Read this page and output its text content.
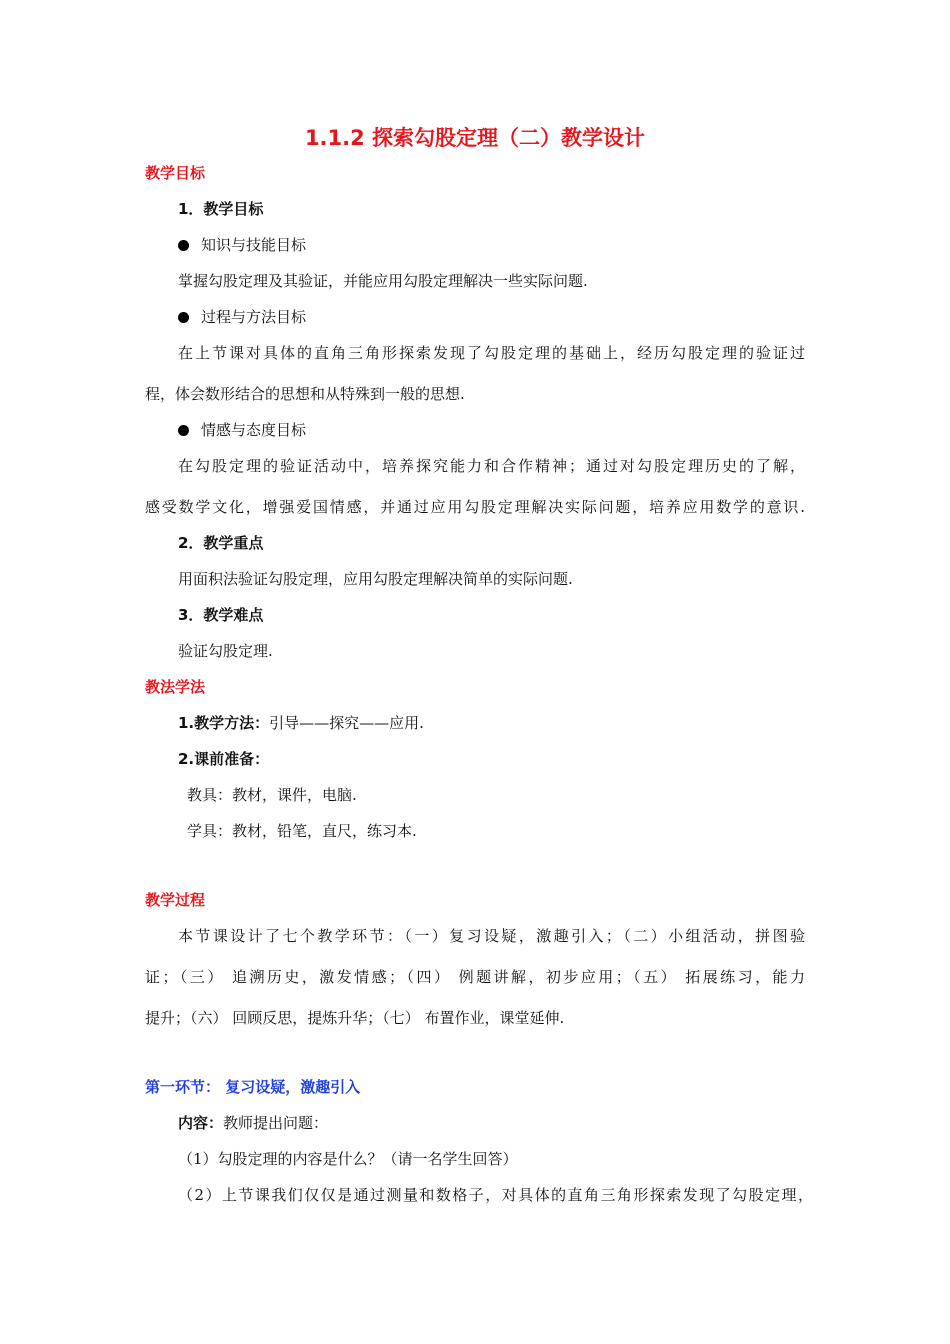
1.1.2 探索勾股定理（二）教学设计
教学目标
1．教学目标
知识与技能目标
掌握勾股定理及其验证，并能应用勾股定理解决一些实际问题.
过程与方法目标
在上节课对具体的直角三角形探索发现了勾股定理的基础上，经历勾股定理的验证过
程，体会数形结合的思想和从特殊到一般的思想.
情感与态度目标
在勾股定理的验证活动中，培养探究能力和合作精神；通过对勾股定理历史的了解，
感受数学文化，增强爱国情感，并通过应用勾股定理解决实际问题，培养应用数学的意识.
2．教学重点
用面积法验证勾股定理，应用勾股定理解决简单的实际问题.
3．教学难点
验证勾股定理.
教法学法
1.教学方法：引导——探究——应用.
2.课前准备：
教具：教材，课件，电脑.
学具：教材，铅笔，直尺，练习本.
教学过程
本节课设计了七个教学环节：（一）复习设疑，激趣引入；（二）小组活动，拼图验
证；（三） 追溯历史，激发情感；（四） 例题讲解，初步应用；（五） 拓展练习，能力
提升；（六） 回顾反思，提炼升华；（七） 布置作业，课堂延伸.
第一环节： 复习设疑，激趣引入
内容：教师提出问题：
（1）勾股定理的内容是什么？（请一名学生回答）
（2）上节课我们仅仅是通过测量和数格子，对具体的直角三角形探索发现了勾股定理，
